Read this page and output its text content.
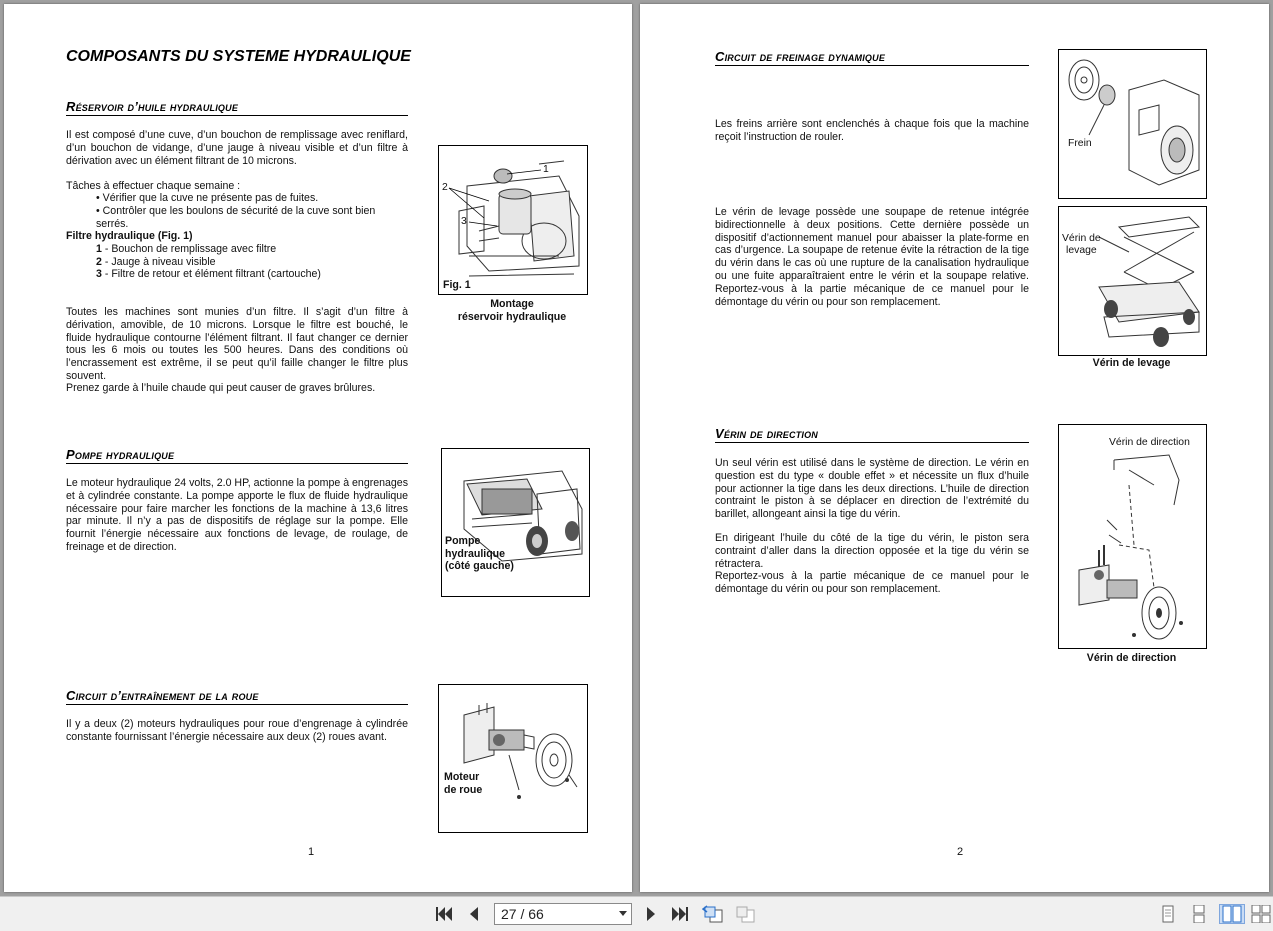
COMPOSANTS DU SYSTEME HYDRAULIQUE
Réservoir d’huile hydraulique

Il est composé d’une cuve, d’un bouchon de remplissage avec reniflard, d’un bouchon de vidange, d’une jauge à niveau visible et d’un filtre à dérivation avec un élément filtrant de 10 microns.

Tâches à effectuer chaque semaine :

• Vérifier que la cuve ne présente pas de fuites.

• Contrôler que les boulons de sécurité de la cuve sont bien serrés.

Filtre hydraulique (Fig. 1)

1 - Bouchon de remplissage avec filtre

2 - Jauge à niveau visible

3 - Filtre de retour et élément filtrant (cartouche)

Toutes les machines sont munies d’un filtre. Il s’agit d’un filtre à dérivation, amovible, de 10 microns. Lorsque le filtre est bouché, le fluide hydraulique contourne l’élément filtrant. Il faut changer ce dernier tous les 6 mois ou toutes les 500 heures. Dans des conditions où l’encrassement est extrême, il se peut qu’il faille changer le filtre plus souvent.

Prenez garde à l’huile chaude qui peut causer de graves brûlures.

1
2
3
Fig. 1
Montage
réservoir hydraulique
Pompe hydraulique

Le moteur hydraulique 24 volts, 2.0 HP, actionne la pompe à engrenages et à cylindrée constante. La pompe apporte le flux de fluide hydraulique nécessaire pour faire marcher les fonctions de la machine à 13,6 litres par minute. Il n’y a pas de dispositifs de réglage sur la pompe. Elle fournit l’énergie nécessaire aux fonctions de levage, de roulage, de freinage et de direction.	Pompe
hydraulique
(côté gauche)
Circuit d’entraînement de la roue

Il y a deux (2) moteurs hydrauliques pour roue d’engrenage à cylindrée constante fournissant l’énergie nécessaire aux deux (2) roues avant.

Moteur
de roue
1
Circuit de freinage dynamique

Les freins arrière sont enclenchés à chaque fois que la machine reçoit l’instruction de rouler.

Frein

Le vérin de levage possède une soupape de retenue intégrée bidirectionnelle à deux positions. Cette dernière possède un dispositif d’actionnement manuel pour abaisser la plate-forme en cas d’urgence. La soupape de retenue évite la rétraction de la tige du vérin dans le cas où une rupture de la canalisation hydraulique ou une fuite apparaîtraient entre le vérin et la soupape relative. Reportez-vous à la partie mécanique de ce manuel pour le démontage du vérin ou pour son remplacement.

Vérin de
levage
Vérin de levage
Vérin de direction

Un seul vérin est utilisé dans le système de direction. Le vérin en question est du type « double effet » et nécessite un flux d’huile pour actionner la tige dans les deux directions. L’huile de direction contraint le piston à se déplacer en direction de l’extrémité du barillet, allongeant ainsi la tige du vérin.

En dirigeant l’huile du côté de la tige du vérin, le piston sera contraint d’aller dans la direction opposée et la tige du vérin se rétractera.

Reportez-vous à la partie mécanique de ce manuel pour le démontage du vérin ou pour son remplacement.

Vérin de direction
Vérin de direction
2
27 / 66
